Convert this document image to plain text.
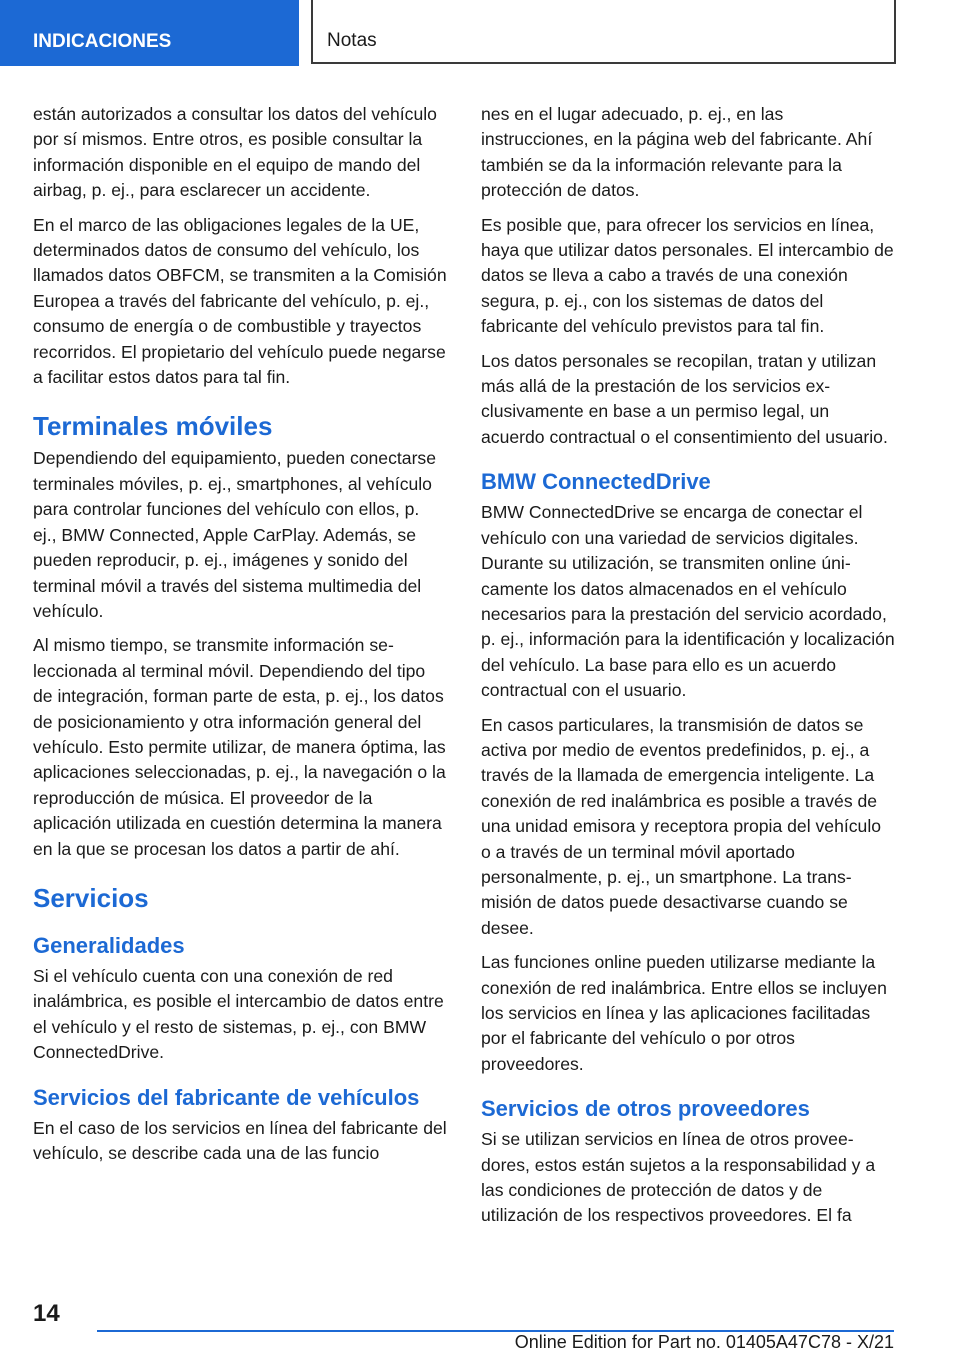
INDICACIONES	Notas

están autorizados a consultar los datos del vehículo por sí mismos. Entre otros, es posible consultar la información disponible en el equipo de mando del airbag, p. ej., para esclarecer un accidente.

En el marco de las obligaciones legales de la UE, determinados datos de consumo del vehículo, los llamados datos OBFCM, se transmiten a la Comisión Europea a través del fabricante del vehículo, p. ej., consumo de energía o de combustible y trayectos recorridos. El propietario del vehículo puede negarse a facilitar estos datos para tal fin.

Terminales móviles

Dependiendo del equipamiento, pueden conectarse terminales móviles, p. ej., smartphones, al vehículo para controlar funciones del vehículo con ellos, p. ej., BMW Connected, Apple CarPlay. Además, se pueden reproducir, p. ej., imágenes y sonido del terminal móvil a través del sistema multimedia del vehículo.

Al mismo tiempo, se transmite información seleccionada al terminal móvil. Dependiendo del tipo de integración, forman parte de esta, p. ej., los datos de posicionamiento y otra información general del vehículo. Esto permite utilizar, de manera óptima, las aplicaciones seleccionadas, p. ej., la navegación o la reproducción de música. El proveedor de la aplicación utilizada en cuestión determina la manera en la que se procesan los datos a partir de ahí.

Servicios
Generalidades

Si el vehículo cuenta con una conexión de red inalámbrica, es posible el intercambio de datos entre el vehículo y el resto de sistemas, p. ej., con BMW ConnectedDrive.

Servicios del fabricante de vehículos

En el caso de los servicios en línea del fabricante del vehículo, se describe cada una de las funcio

nes en el lugar adecuado, p. ej., en las instrucciones, en la página web del fabricante. Ahí también se da la información relevante para la protección de datos.

Es posible que, para ofrecer los servicios en línea, haya que utilizar datos personales. El intercambio de datos se lleva a cabo a través de una conexión segura, p. ej., con los sistemas de datos del fabricante del vehículo previstos para tal fin.

Los datos personales se recopilan, tratan y utilizan más allá de la prestación de los servicios exclusivamente en base a un permiso legal, un acuerdo contractual o el consentimiento del usuario.

BMW ConnectedDrive

BMW ConnectedDrive se encarga de conectar el vehículo con una variedad de servicios digitales. Durante su utilización, se transmiten online únicamente los datos almacenados en el vehículo necesarios para la prestación del servicio acordado, p. ej., información para la identificación y localización del vehículo. La base para ello es un acuerdo contractual con el usuario.

En casos particulares, la transmisión de datos se activa por medio de eventos predefinidos, p. ej., a través de la llamada de emergencia inteligente. La conexión de red inalámbrica es posible a través de una unidad emisora y receptora propia del vehículo o a través de un terminal móvil aportado personalmente, p. ej., un smartphone. La transmisión de datos puede desactivarse cuando se desee.

Las funciones online pueden utilizarse mediante la conexión de red inalámbrica. Entre ellos se incluyen los servicios en línea y las aplicaciones facilitadas por el fabricante del vehículo o por otros proveedores.

Servicios de otros proveedores

Si se utilizan servicios en línea de otros proveedores, estos están sujetos a la responsabilidad y a las condiciones de protección de datos y de utilización de los respectivos proveedores. El fa

14
Online Edition for Part no. 01405A47C78 - X/21
